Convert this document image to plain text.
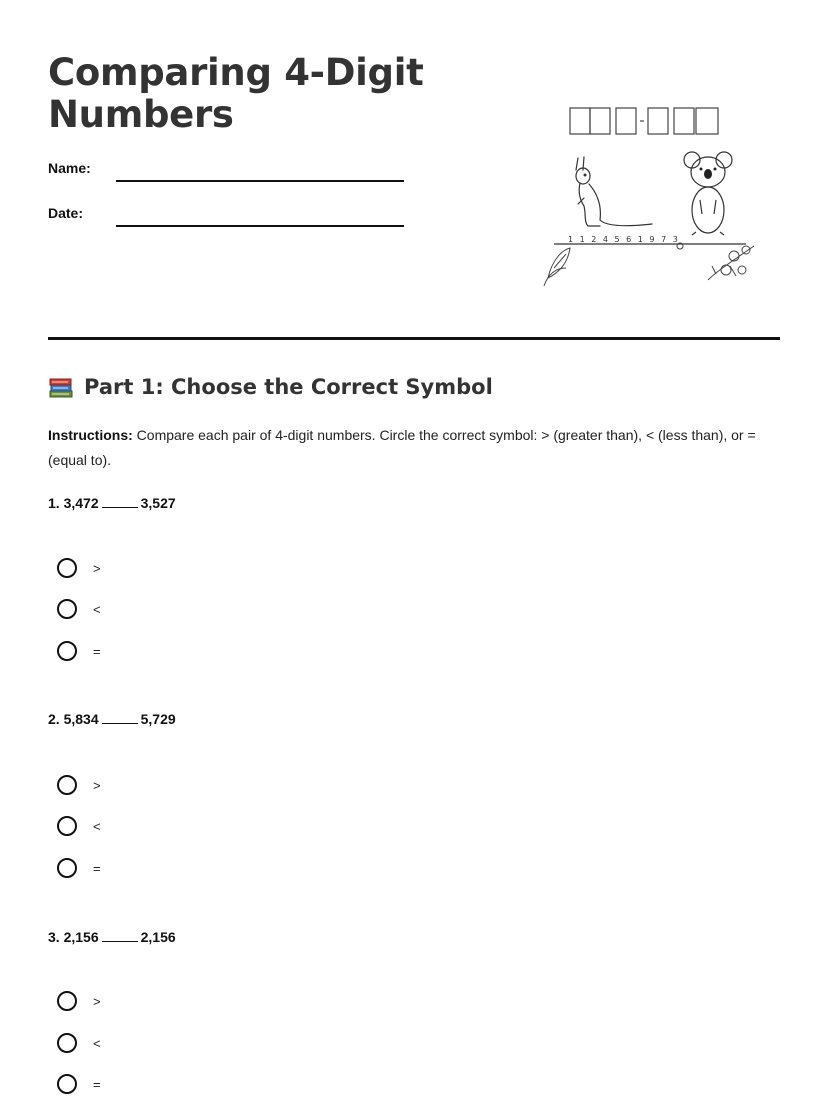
Comparing 4-Digit Numbers
Name:
Date:
1 1 2 4 5 6 1 9 7 3
Part 1: Choose the Correct Symbol

Instructions: Compare each pair of 4-digit numbers. Circle the correct symbol: > (greater than), < (less than), or = (equal to).

1. 3,472	3,527
>
<
=
2. 5,834	5,729
>
<
=
3. 2,156	2,156
>
<
=
